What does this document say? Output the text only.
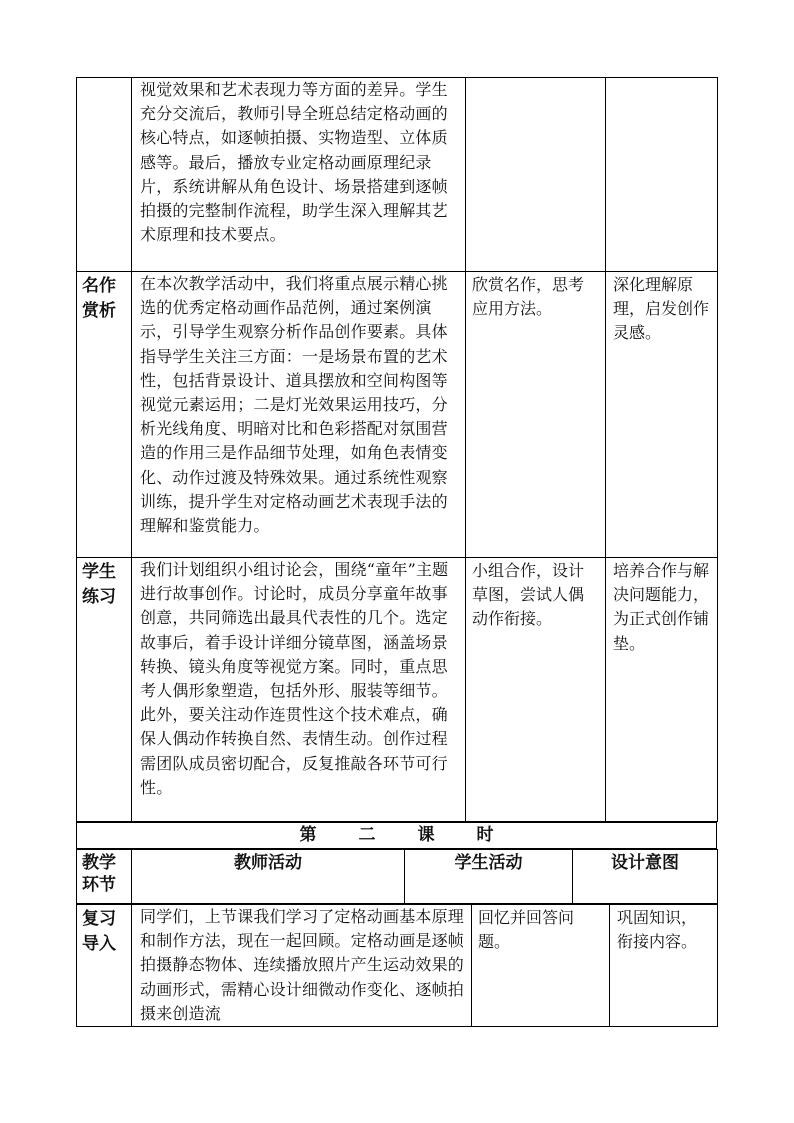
	视觉效果和艺术表现力等方面的差异。学生充分交流后，教师引导全班总结定格动画的核心特点，如逐帧拍摄、实物造型、立体质感等。最后，播放专业定格动画原理纪录片，系统讲解从角色设计、场景搭建到逐帧拍摄的完整制作流程，助学生深入理解其艺术原理和技术要点。		
名作赏析	在本次教学活动中，我们将重点展示精心挑选的优秀定格动画作品范例，通过案例演示，引导学生观察分析作品创作要素。具体指导学生关注三方面：一是场景布置的艺术性，包括背景设计、道具摆放和空间构图等视觉元素运用；二是灯光效果运用技巧，分析光线角度、明暗对比和色彩搭配对氛围营造的作用三是作品细节处理，如角色表情变化、动作过渡及特殊效果。通过系统性观察训练，提升学生对定格动画艺术表现手法的理解和鉴赏能力。	欣赏名作，思考应用方法。	深化理解原理，启发创作灵感。
学生练习	我们计划组织小组讨论会，围绕“童年”主题进行故事创作。讨论时，成员分享童年故事创意，共同筛选出最具代表性的几个。选定故事后，着手设计详细分镜草图，涵盖场景转换、镜头角度等视觉方案。同时，重点思考人偶形象塑造，包括外形、服装等细节。此外，要关注动作连贯性这个技术难点，确保人偶动作转换自然、表情生动。创作过程需团队成员密切配合，反复推敲各环节可行性。	小组合作，设计草图，尝试人偶动作衔接。	培养合作与解决问题能力，为正式创作铺垫。
第二课时
教学环节	教师活动	学生活动	设计意图
复习导入	同学们，上节课我们学习了定格动画基本原理和制作方法，现在一起回顾。定格动画是逐帧拍摄静态物体、连续播放照片产生运动效果的动画形式，需精心设计细微动作变化、逐帧拍摄来创造流	回忆并回答问题。	巩固知识，衔接内容。
